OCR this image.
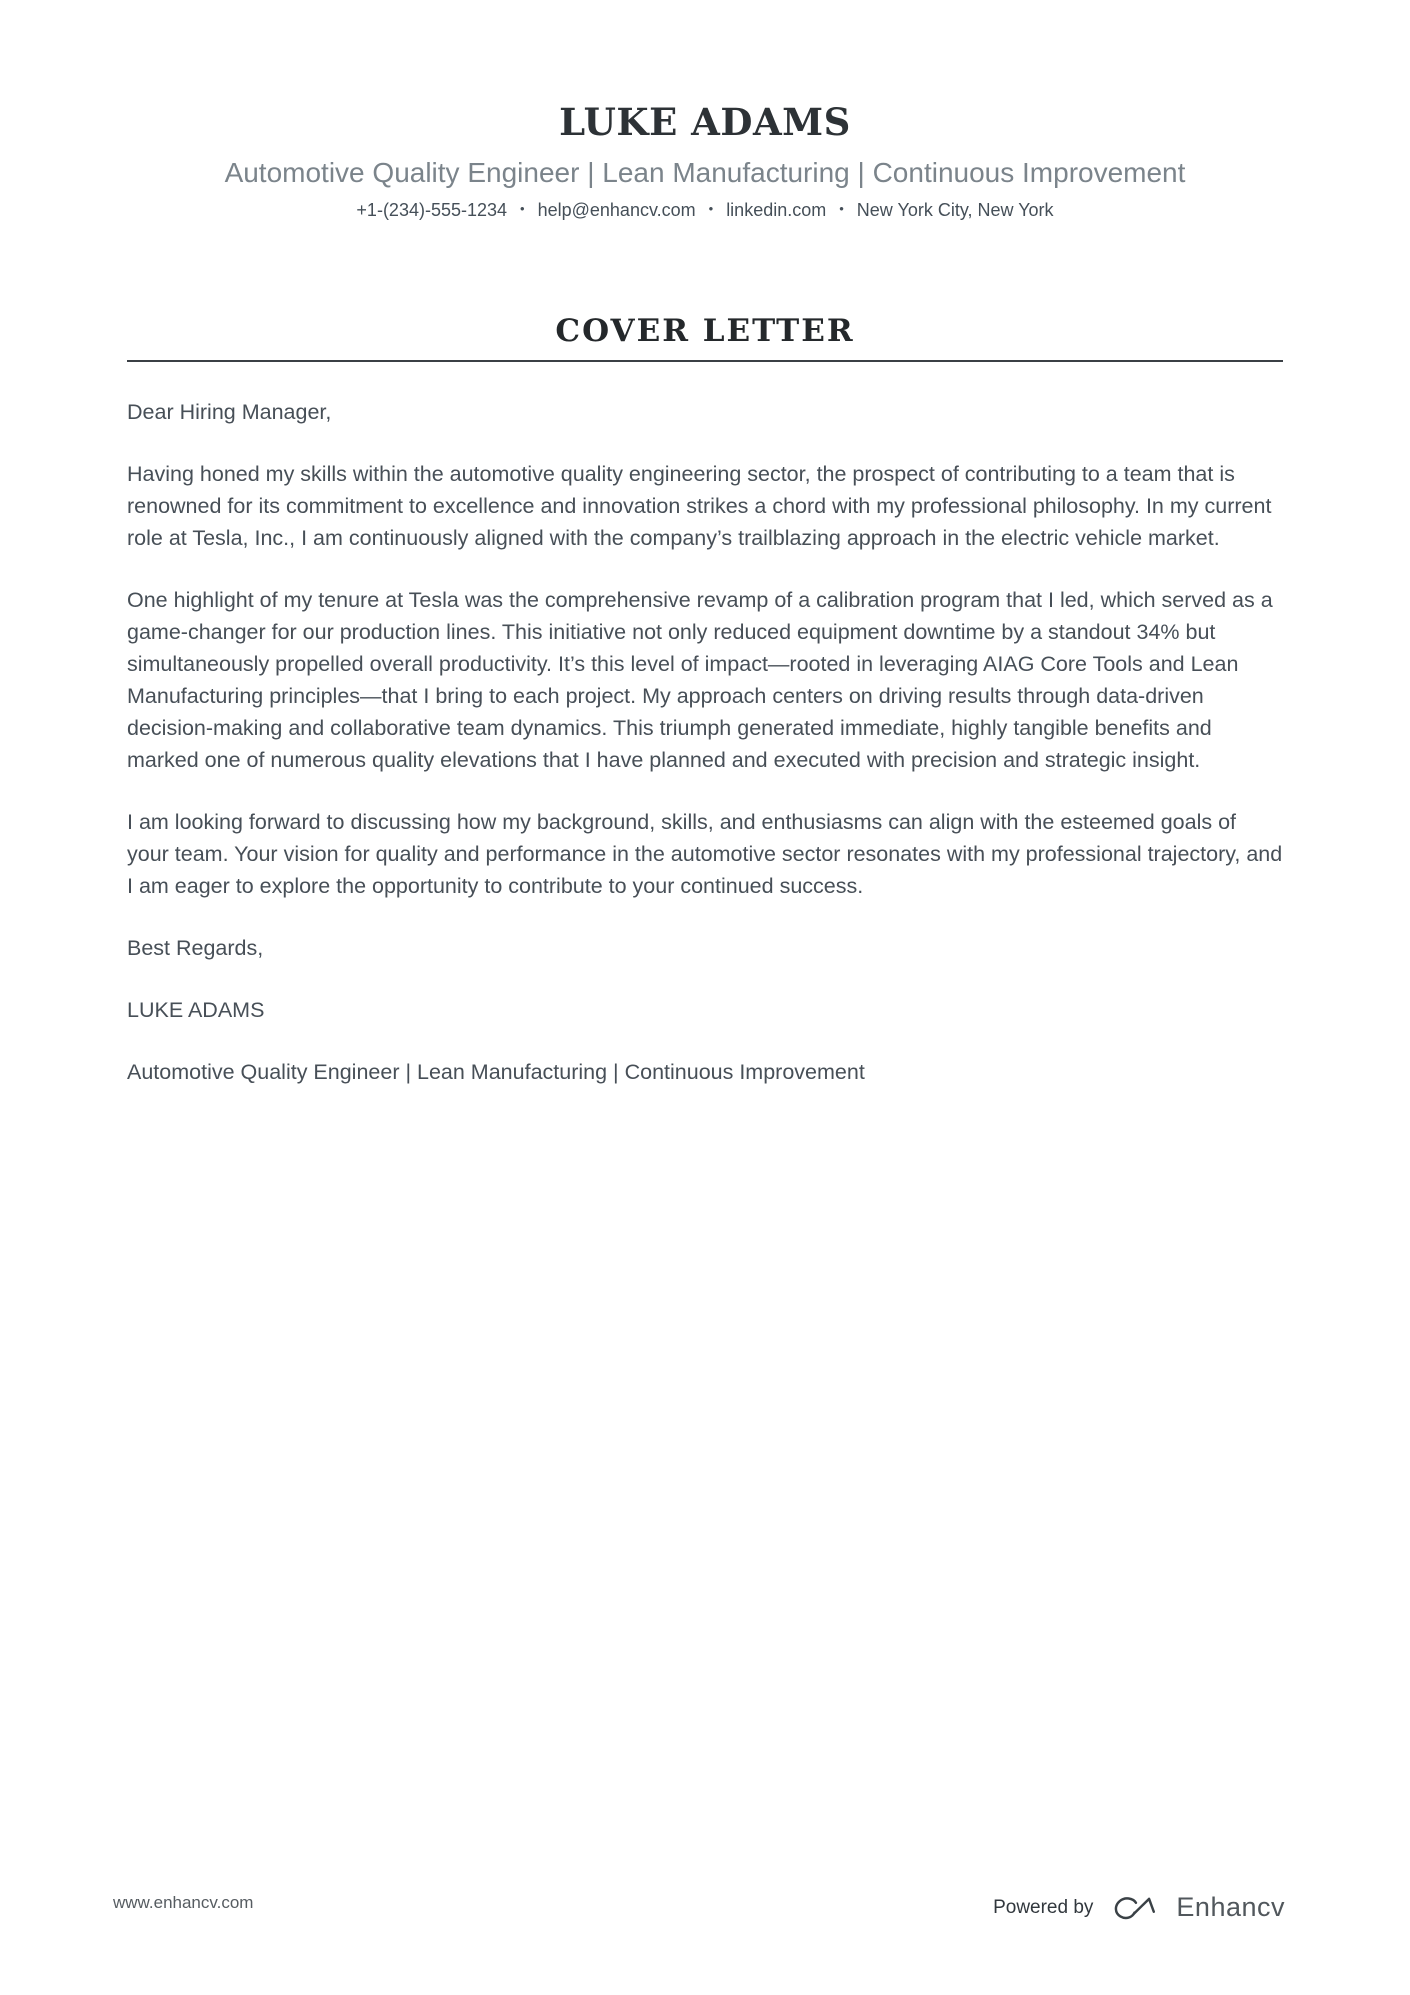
LUKE ADAMS
Automotive Quality Engineer | Lean Manufacturing | Continuous Improvement
+1-(234)-555-1234 • help@enhancv.com • linkedin.com • New York City, New York
COVER LETTER

Dear Hiring Manager,

Having honed my skills within the automotive quality engineering sector, the prospect of contributing to a team that is renowned for its commitment to excellence and innovation strikes a chord with my professional philosophy. In my current role at Tesla, Inc., I am continuously aligned with the company’s trailblazing approach in the electric vehicle market.

One highlight of my tenure at Tesla was the comprehensive revamp of a calibration program that I led, which served as a game-changer for our production lines. This initiative not only reduced equipment downtime by a standout 34% but simultaneously propelled overall productivity. It’s this level of impact—rooted in leveraging AIAG Core Tools and Lean Manufacturing principles—that I bring to each project. My approach centers on driving results through data-driven decision-making and collaborative team dynamics. This triumph generated immediate, highly tangible benefits and marked one of numerous quality elevations that I have planned and executed with precision and strategic insight.

I am looking forward to discussing how my background, skills, and enthusiasms can align with the esteemed goals of your team. Your vision for quality and performance in the automotive sector resonates with my professional trajectory, and I am eager to explore the opportunity to contribute to your continued success.

Best Regards,

LUKE ADAMS

Automotive Quality Engineer | Lean Manufacturing | Continuous Improvement

www.enhancv.com	Powered by	Enhancv
